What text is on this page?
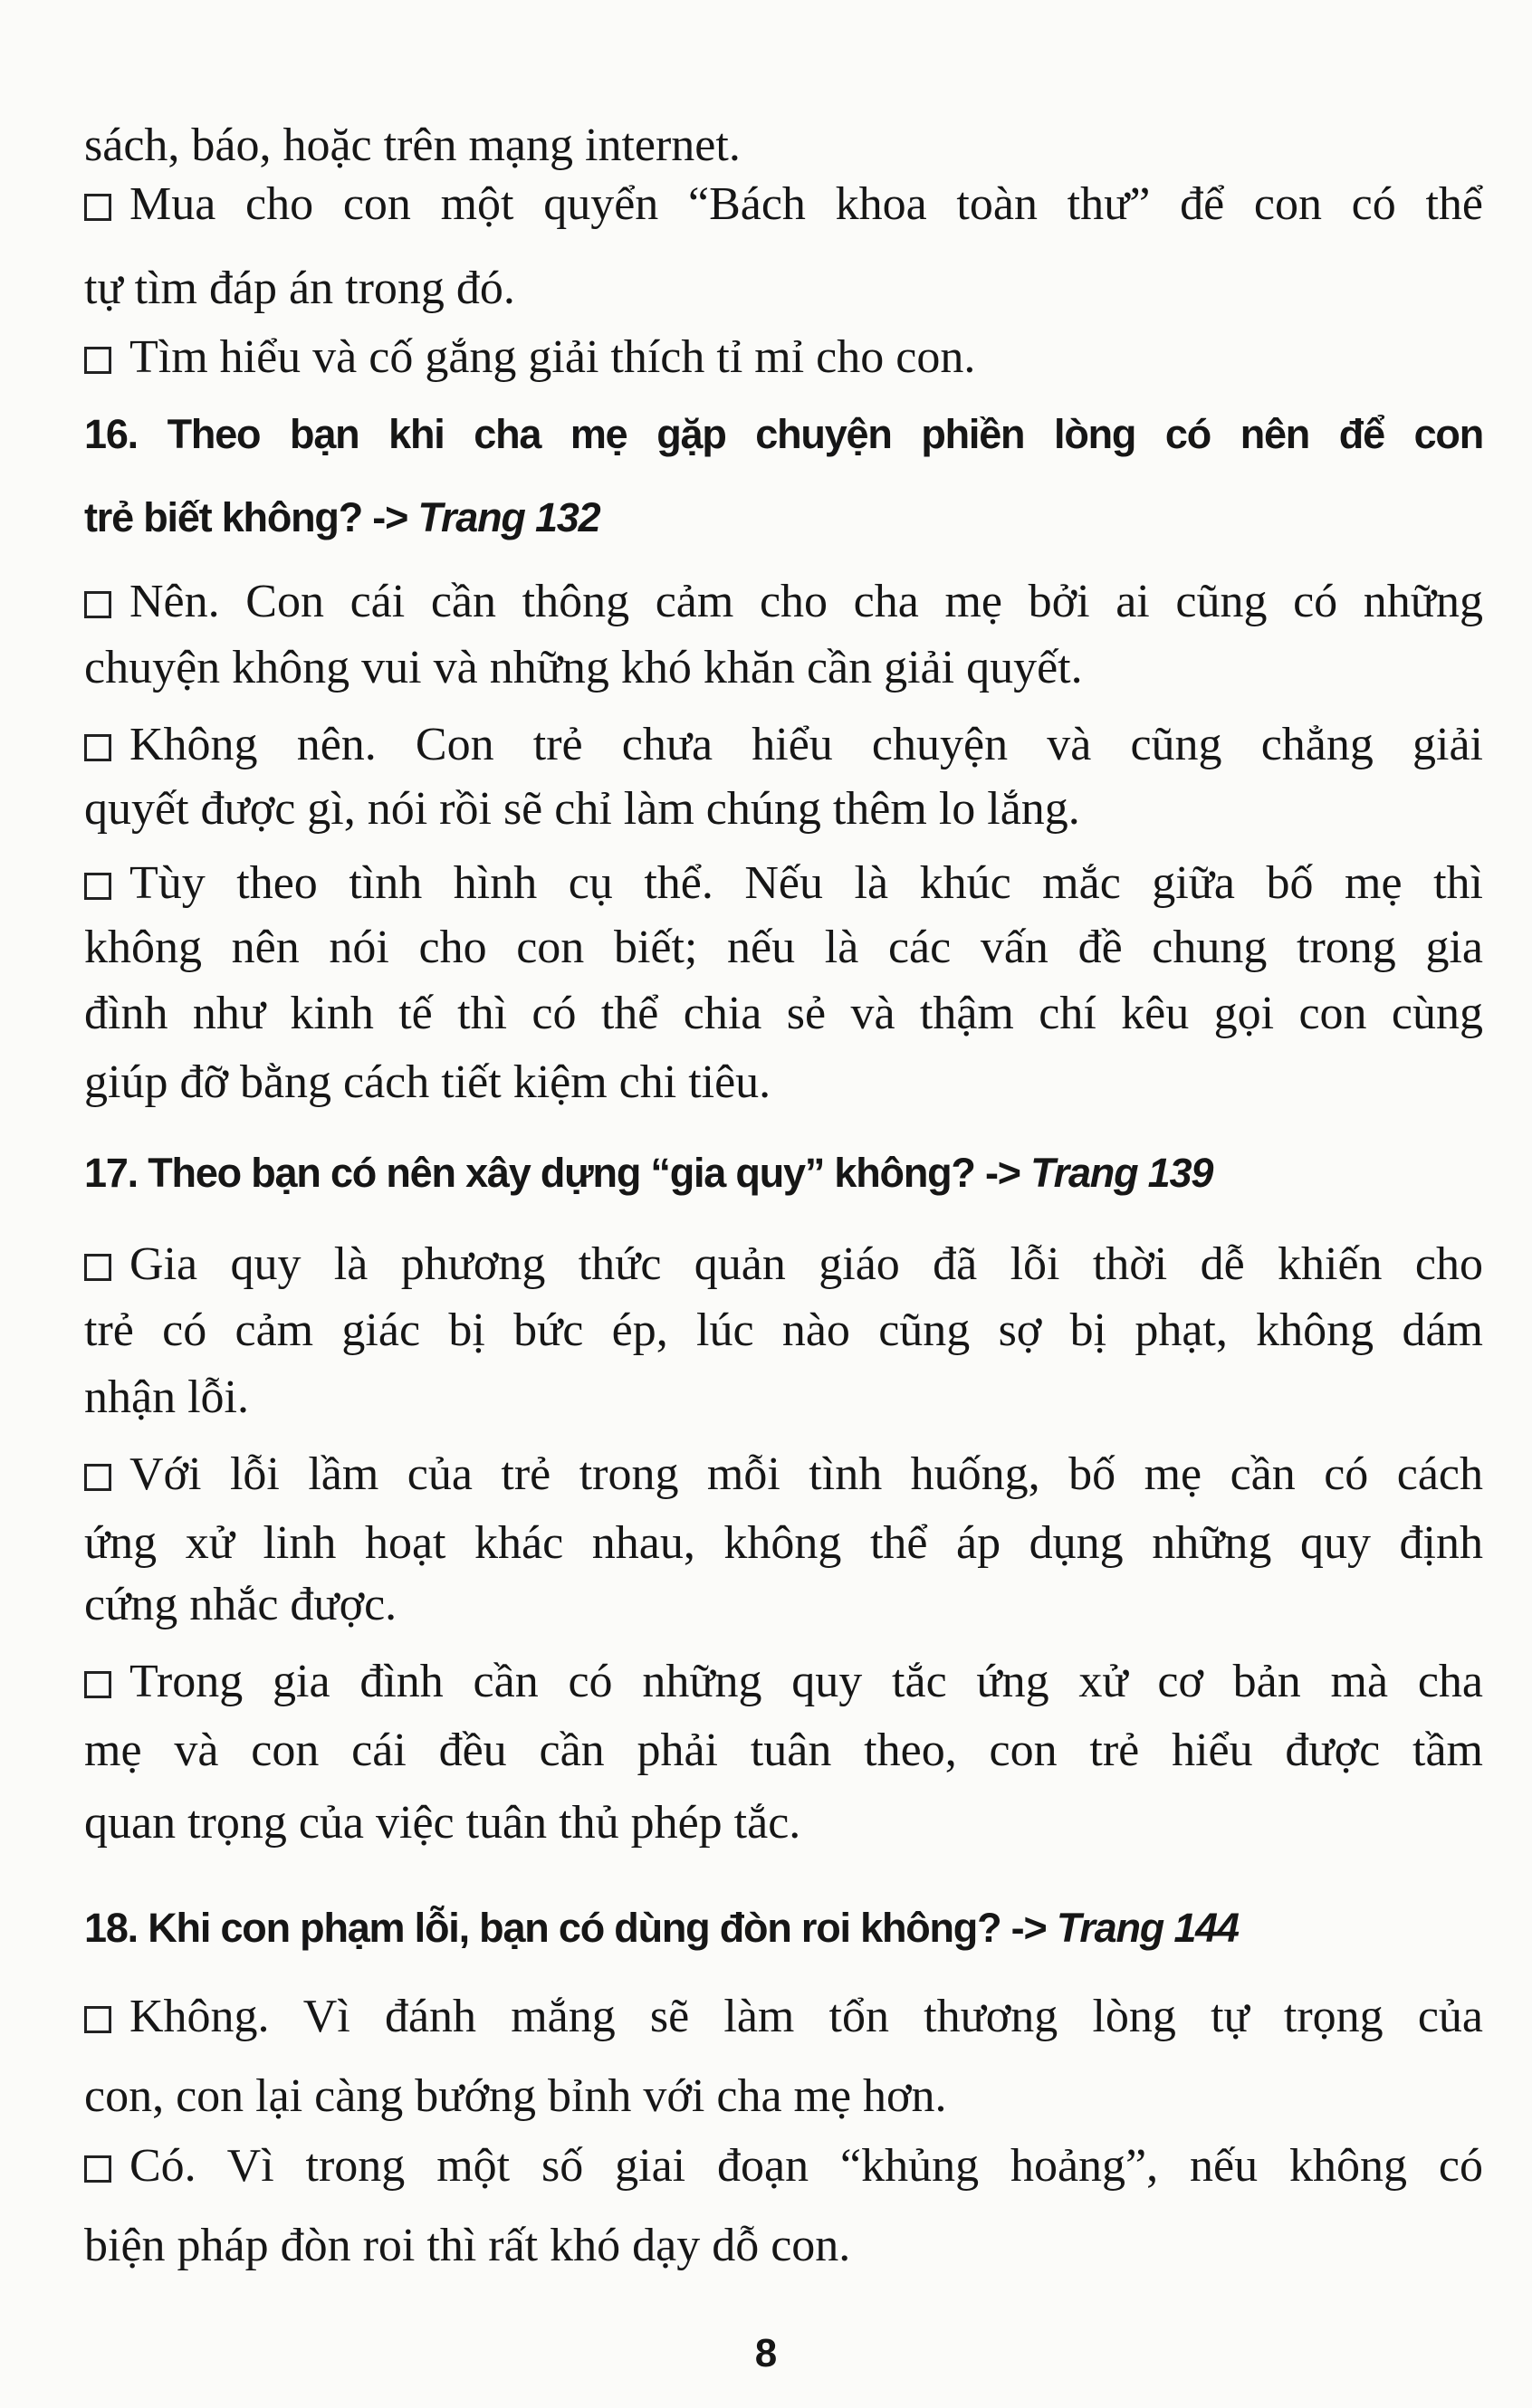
sách, báo, hoặc trên mạng internet.
Mua cho con một quyển “Bách khoa toàn thư” để con có thể
tự tìm đáp án trong đó.
Tìm hiểu và cố gắng giải thích tỉ mỉ cho con.
16. Theo bạn khi cha mẹ gặp chuyện phiền lòng có nên để con
trẻ biết không? -> Trang 132
Nên. Con cái cần thông cảm cho cha mẹ bởi ai cũng có những
chuyện không vui và những khó khăn cần giải quyết.
Không nên. Con trẻ chưa hiểu chuyện và cũng chẳng giải
quyết được gì, nói rồi sẽ chỉ làm chúng thêm lo lắng.
Tùy theo tình hình cụ thể. Nếu là khúc mắc giữa bố mẹ thì
không nên nói cho con biết; nếu là các vấn đề chung trong gia
đình như kinh tế thì có thể chia sẻ và thậm chí kêu gọi con cùng
giúp đỡ bằng cách tiết kiệm chi tiêu.
17. Theo bạn có nên xây dựng “gia quy” không? -> Trang 139
Gia quy là phương thức quản giáo đã lỗi thời dễ khiến cho
trẻ có cảm giác bị bức ép, lúc nào cũng sợ bị phạt, không dám
nhận lỗi.
Với lỗi lầm của trẻ trong mỗi tình huống, bố mẹ cần có cách
ứng xử linh hoạt khác nhau, không thể áp dụng những quy định
cứng nhắc được.
Trong gia đình cần có những quy tắc ứng xử cơ bản mà cha
mẹ và con cái đều cần phải tuân theo, con trẻ hiểu được tầm
quan trọng của việc tuân thủ phép tắc.
18. Khi con phạm lỗi, bạn có dùng đòn roi không? -> Trang 144
Không. Vì đánh mắng sẽ làm tổn thương lòng tự trọng của
con, con lại càng bướng bỉnh với cha mẹ hơn.
Có. Vì trong một số giai đoạn “khủng hoảng”, nếu không có
biện pháp đòn roi thì rất khó dạy dỗ con.
8
